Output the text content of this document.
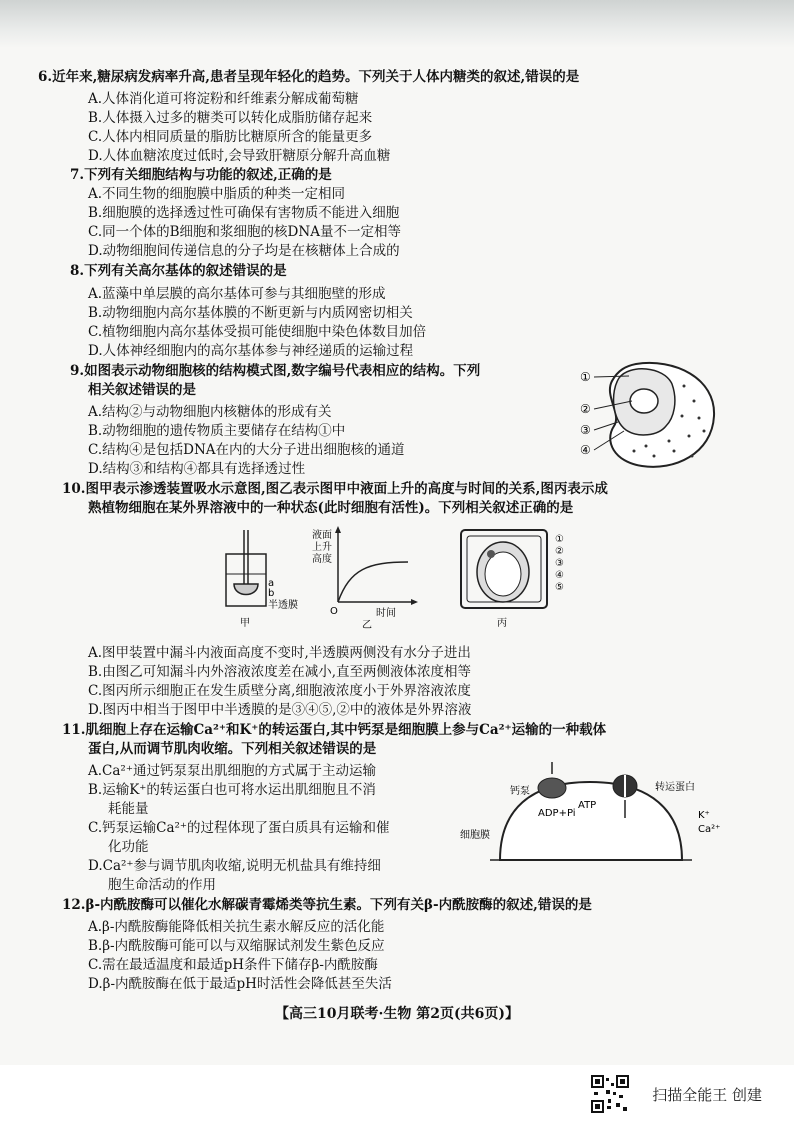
6.近年来,糖尿病发病率升高,患者呈现年轻化的趋势。下列关于人体内糖类的叙述,错误的是
A.人体消化道可将淀粉和纤维素分解成葡萄糖
B.人体摄入过多的糖类可以转化成脂肪储存起来
C.人体内相同质量的脂肪比糖原所含的能量更多
D.人体血糖浓度过低时,会导致肝糖原分解升高血糖
7.下列有关细胞结构与功能的叙述,正确的是
A.不同生物的细胞膜中脂质的种类一定相同
B.细胞膜的选择透过性可确保有害物质不能进入细胞
C.同一个体的B细胞和浆细胞的核DNA量不一定相等
D.动物细胞间传递信息的分子均是在核糖体上合成的
8.下列有关高尔基体的叙述错误的是
A.蓝藻中单层膜的高尔基体可参与其细胞壁的形成
B.动物细胞内高尔基体膜的不断更新与内质网密切相关
C.植物细胞内高尔基体受损可能使细胞中染色体数目加倍
D.人体神经细胞内的高尔基体参与神经递质的运输过程
9.如图表示动物细胞核的结构模式图,数字编号代表相应的结构。下列
相关叙述错误的是
A.结构②与动物细胞内核糖体的形成有关
B.动物细胞的遗传物质主要储存在结构①中
C.结构④是包括DNA在内的大分子进出细胞核的通道
D.结构③和结构④都具有选择透过性
①
②
③
④
10.图甲表示渗透装置吸水示意图,图乙表示图甲中液面上升的高度与时间的关系,图丙表示成
熟植物细胞在某外界溶液中的一种状态(此时细胞有活性)。下列相关叙述正确的是
a
b
半透膜
甲
液面
上升
高度
O	时间
乙
①
②
③
④
⑤
丙
A.图甲装置中漏斗内液面高度不变时,半透膜两侧没有水分子进出
B.由图乙可知漏斗内外溶液浓度差在减小,直至两侧液体浓度相等
C.图丙所示细胞正在发生质壁分离,细胞液浓度小于外界溶液浓度
D.图丙中相当于图甲中半透膜的是③④⑤,②中的液体是外界溶液
11.肌细胞上存在运输Ca²⁺和K⁺的转运蛋白,其中钙泵是细胞膜上参与Ca²⁺运输的一种载体
蛋白,从而调节肌肉收缩。下列相关叙述错误的是
A.Ca²⁺通过钙泵泵出肌细胞的方式属于主动运输
B.运输K⁺的转运蛋白也可将水运出肌细胞且不消
耗能量
C.钙泵运输Ca²⁺的过程体现了蛋白质具有运输和催
化功能
D.Ca²⁺参与调节肌肉收缩,说明无机盐具有维持细
胞生命活动的作用
钙泵	转运蛋白
ATP
ADP+Pi
细胞膜
K⁺
Ca²⁺
12.β-内酰胺酶可以催化水解碳青霉烯类等抗生素。下列有关β-内酰胺酶的叙述,错误的是
A.β-内酰胺酶能降低相关抗生素水解反应的活化能
B.β-内酰胺酶可能可以与双缩脲试剂发生紫色反应
C.需在最适温度和最适pH条件下储存β-内酰胺酶
D.β-内酰胺酶在低于最适pH时活性会降低甚至失活
【高三10月联考·生物 第2页(共6页)】
扫描全能王 创建
